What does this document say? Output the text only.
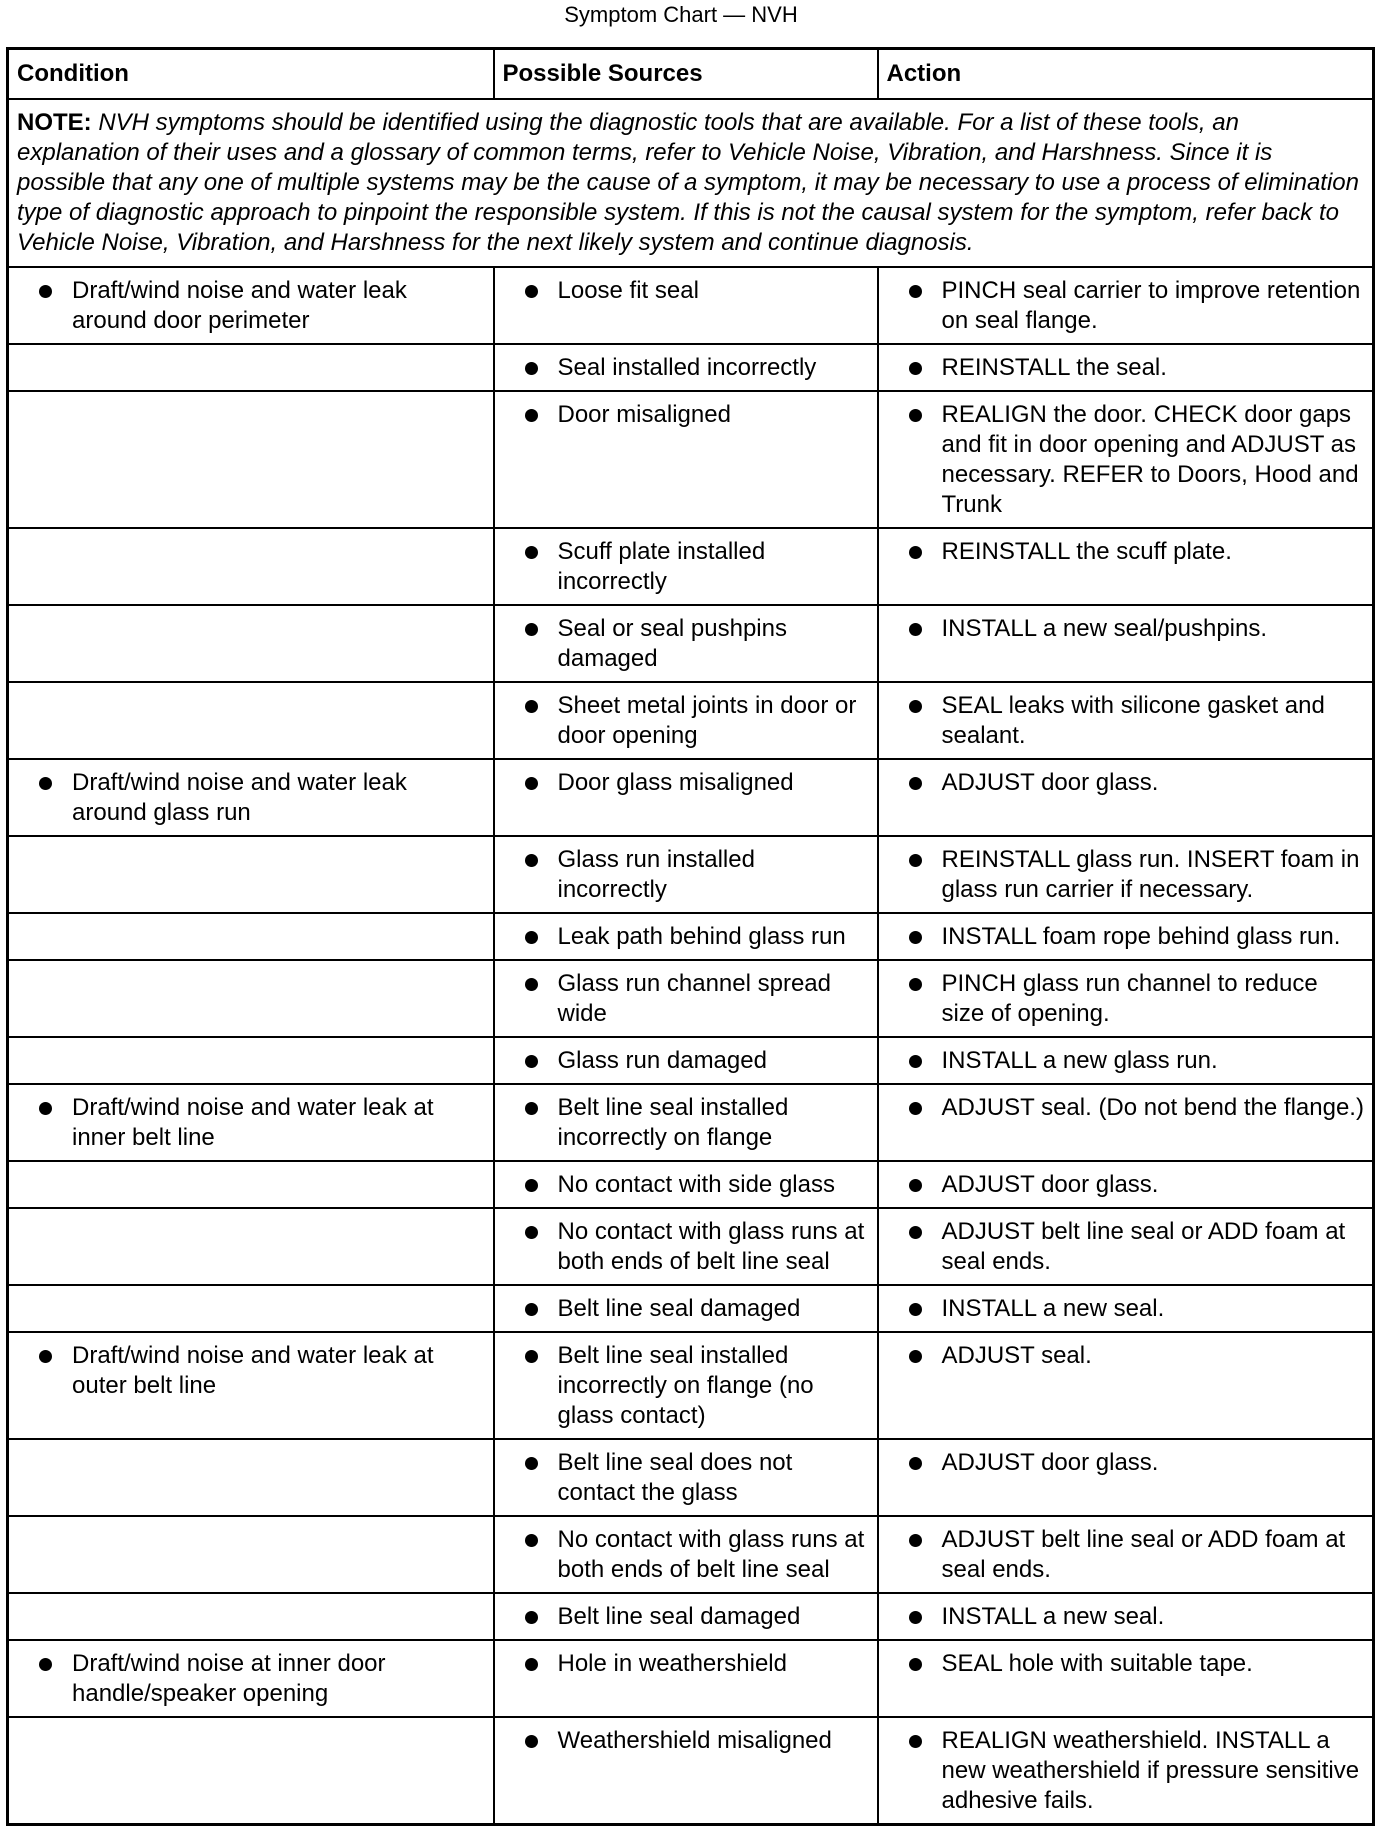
Symptom Chart — NVH
Condition	Possible Sources	Action
NOTE: NVH symptoms should be identified using the diagnostic tools that are available. For a list of these tools, an explanation of their uses and a glossary of common terms, refer to Vehicle Noise, Vibration, and Harshness. Since it is possible that any one of multiple systems may be the cause of a symptom, it may be necessary to use a process of elimination type of diagnostic approach to pinpoint the responsible system. If this is not the causal system for the symptom, refer back to Vehicle Noise, Vibration, and Harshness for the next likely system and continue diagnosis.		

Draft/wind noise and water leak around door perimeter	Loose fit seal	PINCH seal carrier to improve retention on seal flange.

	Seal installed incorrectly	REINSTALL the seal.

	Door misaligned	REALIGN the door. CHECK door gaps and fit in door opening and ADJUST as necessary. REFER to Doors, Hood and Trunk

	Scuff plate installed incorrectly	REINSTALL the scuff plate.

	Seal or seal pushpins damaged	INSTALL a new seal/pushpins.

	Sheet metal joints in door or door opening	SEAL leaks with silicone gasket and sealant.

Draft/wind noise and water leak around glass run	Door glass misaligned	ADJUST door glass.

	Glass run installed incorrectly	REINSTALL glass run. INSERT foam in glass run carrier if necessary.

	Leak path behind glass run	INSTALL foam rope behind glass run.

	Glass run channel spread wide	PINCH glass run channel to reduce size of opening.

	Glass run damaged	INSTALL a new glass run.

Draft/wind noise and water leak at inner belt line	Belt line seal installed incorrectly on flange	ADJUST seal. (Do not bend the flange.)

	No contact with side glass	ADJUST door glass.

	No contact with glass runs at both ends of belt line seal	ADJUST belt line seal or ADD foam at seal ends.

	Belt line seal damaged	INSTALL a new seal.

Draft/wind noise and water leak at outer belt line	Belt line seal installed incorrectly on flange (no glass contact)	ADJUST seal.

	Belt line seal does not contact the glass	ADJUST door glass.

	No contact with glass runs at both ends of belt line seal	ADJUST belt line seal or ADD foam at seal ends.

	Belt line seal damaged	INSTALL a new seal.

Draft/wind noise at inner door handle/speaker opening	Hole in weathershield	SEAL hole with suitable tape.

	Weathershield misaligned	REALIGN weathershield. INSTALL a new weathershield if pressure sensitive adhesive fails.
